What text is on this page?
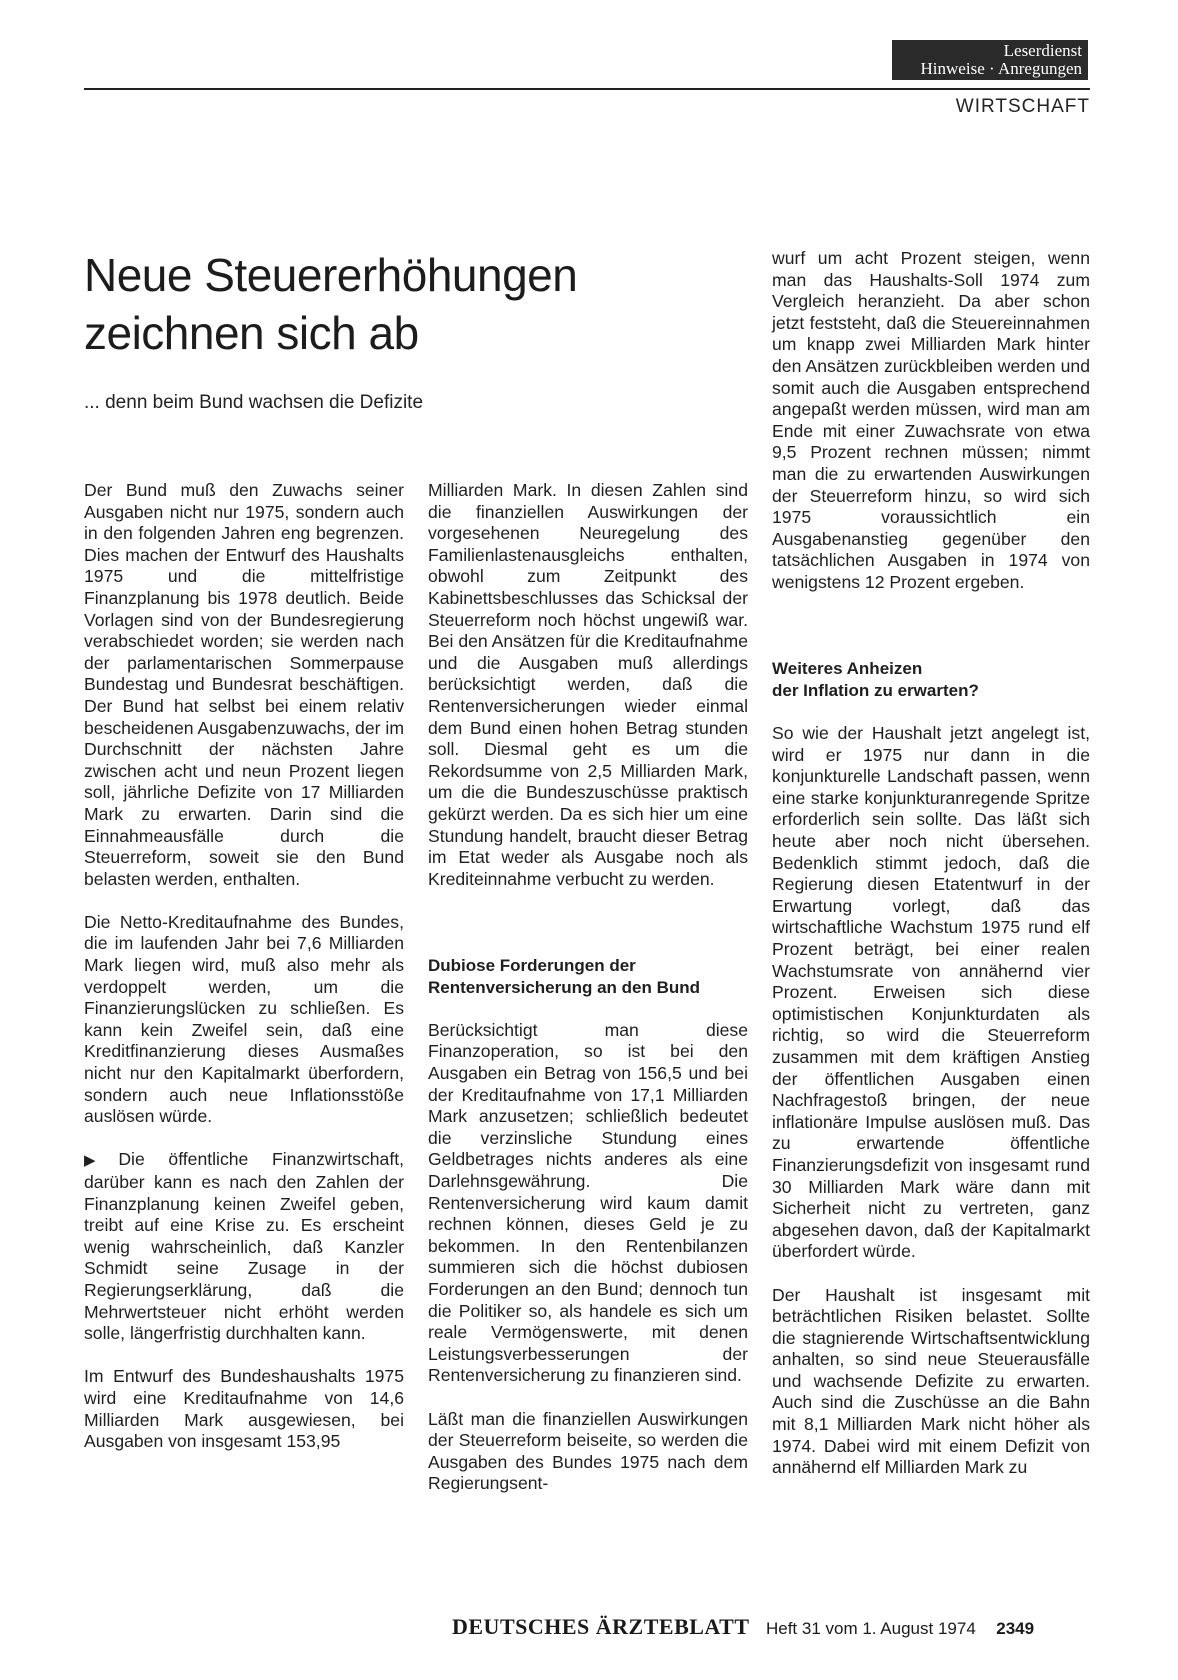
Leserdienst
Hinweise · Anregungen
WIRTSCHAFT
Neue Steuererhöhungen zeichnen sich ab
... denn beim Bund wachsen die Defizite

Der Bund muß den Zuwachs seiner Ausgaben nicht nur 1975, sondern auch in den folgenden Jahren eng begrenzen. Dies machen der Entwurf des Haushalts 1975 und die mittelfristige Finanzplanung bis 1978 deutlich. Beide Vorlagen sind von der Bundesregierung verabschiedet worden; sie werden nach der parlamentarischen Sommerpause Bundestag und Bundesrat beschäftigen. Der Bund hat selbst bei einem relativ bescheidenen Ausgabenzuwachs, der im Durchschnitt der nächsten Jahre zwischen acht und neun Prozent liegen soll, jährliche Defizite von 17 Milliarden Mark zu erwarten. Darin sind die Einnahmeausfälle durch die Steuerreform, soweit sie den Bund belasten werden, enthalten.

Die Netto-Kreditaufnahme des Bundes, die im laufenden Jahr bei 7,6 Milliarden Mark liegen wird, muß also mehr als verdoppelt werden, um die Finanzierungslücken zu schließen. Es kann kein Zweifel sein, daß eine Kreditfinanzierung dieses Ausmaßes nicht nur den Kapitalmarkt überfordern, sondern auch neue Inflationsstöße auslösen würde.

▶ Die öffentliche Finanzwirtschaft, darüber kann es nach den Zahlen der Finanzplanung keinen Zweifel geben, treibt auf eine Krise zu. Es erscheint wenig wahrscheinlich, daß Kanzler Schmidt seine Zusage in der Regierungserklärung, daß die Mehrwertsteuer nicht erhöht werden solle, längerfristig durchhalten kann.

Im Entwurf des Bundeshaushalts 1975 wird eine Kreditaufnahme von 14,6 Milliarden Mark ausgewiesen, bei Ausgaben von insgesamt 153,95

Milliarden Mark. In diesen Zahlen sind die finanziellen Auswirkungen der vorgesehenen Neuregelung des Familienlastenausgleichs enthalten, obwohl zum Zeitpunkt des Kabinettsbeschlusses das Schicksal der Steuerreform noch höchst ungewiß war. Bei den Ansätzen für die Kreditaufnahme und die Ausgaben muß allerdings berücksichtigt werden, daß die Rentenversicherungen wieder einmal dem Bund einen hohen Betrag stunden soll. Diesmal geht es um die Rekordsumme von 2,5 Milliarden Mark, um die die Bundeszuschüsse praktisch gekürzt werden. Da es sich hier um eine Stundung handelt, braucht dieser Betrag im Etat weder als Ausgabe noch als Krediteinnahme verbucht zu werden.

Dubiose Forderungen der
Rentenversicherung an den Bund

Berücksichtigt man diese Finanzoperation, so ist bei den Ausgaben ein Betrag von 156,5 und bei der Kreditaufnahme von 17,1 Milliarden Mark anzusetzen; schließlich bedeutet die verzinsliche Stundung eines Geldbetrages nichts anderes als eine Darlehnsgewährung. Die Rentenversicherung wird kaum damit rechnen können, dieses Geld je zu bekommen. In den Rentenbilanzen summieren sich die höchst dubiosen Forderungen an den Bund; dennoch tun die Politiker so, als handele es sich um reale Vermögenswerte, mit denen Leistungsverbesserungen der Rentenversicherung zu finanzieren sind.

Läßt man die finanziellen Auswirkungen der Steuerreform beiseite, so werden die Ausgaben des Bundes 1975 nach dem Regierungsent-

wurf um acht Prozent steigen, wenn man das Haushalts-Soll 1974 zum Vergleich heranzieht. Da aber schon jetzt feststeht, daß die Steuereinnahmen um knapp zwei Milliarden Mark hinter den Ansätzen zurückbleiben werden und somit auch die Ausgaben entsprechend angepaßt werden müssen, wird man am Ende mit einer Zuwachsrate von etwa 9,5 Prozent rechnen müssen; nimmt man die zu erwartenden Auswirkungen der Steuerreform hinzu, so wird sich 1975 voraussichtlich ein Ausgabenanstieg gegenüber den tatsächlichen Ausgaben in 1974 von wenigstens 12 Prozent ergeben.

Weiteres Anheizen
der Inflation zu erwarten?

So wie der Haushalt jetzt angelegt ist, wird er 1975 nur dann in die konjunkturelle Landschaft passen, wenn eine starke konjunkturanregende Spritze erforderlich sein sollte. Das läßt sich heute aber noch nicht übersehen. Bedenklich stimmt jedoch, daß die Regierung diesen Etatentwurf in der Erwartung vorlegt, daß das wirtschaftliche Wachstum 1975 rund elf Prozent beträgt, bei einer realen Wachstumsrate von annähernd vier Prozent. Erweisen sich diese optimistischen Konjunkturdaten als richtig, so wird die Steuerreform zusammen mit dem kräftigen Anstieg der öffentlichen Ausgaben einen Nachfragestoß bringen, der neue inflationäre Impulse auslösen muß. Das zu erwartende öffentliche Finanzierungsdefizit von insgesamt rund 30 Milliarden Mark wäre dann mit Sicherheit nicht zu vertreten, ganz abgesehen davon, daß der Kapitalmarkt überfordert würde.

Der Haushalt ist insgesamt mit beträchtlichen Risiken belastet. Sollte die stagnierende Wirtschaftsentwicklung anhalten, so sind neue Steuerausfälle und wachsende Defizite zu erwarten. Auch sind die Zuschüsse an die Bahn mit 8,1 Milliarden Mark nicht höher als 1974. Dabei wird mit einem Defizit von annähernd elf Milliarden Mark zu

DEUTSCHES ÄRZTEBLATT Heft 31 vom 1. August 1974 2349
